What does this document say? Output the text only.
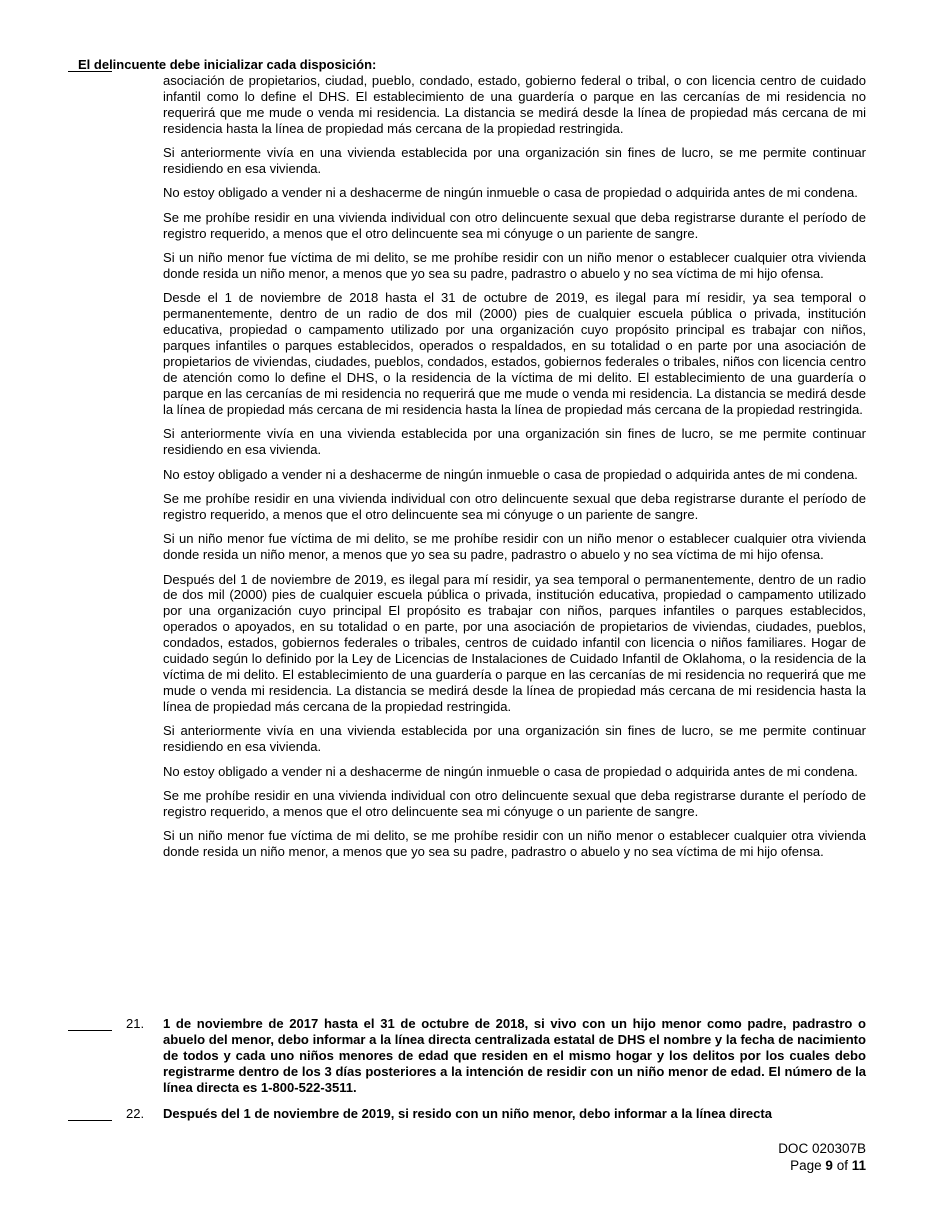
El delincuente debe inicializar cada disposición:

asociación de propietarios, ciudad, pueblo, condado, estado, gobierno federal o tribal, o con licencia centro de cuidado infantil como lo define el DHS. El establecimiento de una guardería o parque en las cercanías de mi residencia no requerirá que me mude o venda mi residencia. La distancia se medirá desde la línea de propiedad más cercana de mi residencia hasta la línea de propiedad más cercana de la propiedad restringida.

Si anteriormente vivía en una vivienda establecida por una organización sin fines de lucro, se me permite continuar residiendo en esa vivienda.

No estoy obligado a vender ni a deshacerme de ningún inmueble o casa de propiedad o adquirida antes de mi condena.

Se me prohíbe residir en una vivienda individual con otro delincuente sexual que deba registrarse durante el período de registro requerido, a menos que el otro delincuente sea mi cónyuge o un pariente de sangre.

Si un niño menor fue víctima de mi delito, se me prohíbe residir con un niño menor o establecer cualquier otra vivienda donde resida un niño menor, a menos que yo sea su padre, padrastro o abuelo y no sea víctima de mi hijo ofensa.

Desde el 1 de noviembre de 2018 hasta el 31 de octubre de 2019, es ilegal para mí residir, ya sea temporal o permanentemente, dentro de un radio de dos mil (2000) pies de cualquier escuela pública o privada, institución educativa, propiedad o campamento utilizado por una organización cuyo propósito principal es trabajar con niños, parques infantiles o parques establecidos, operados o respaldados, en su totalidad o en parte por una asociación de propietarios de viviendas, ciudades, pueblos, condados, estados, gobiernos federales o tribales, niños con licencia centro de atención como lo define el DHS, o la residencia de la víctima de mi delito. El establecimiento de una guardería o parque en las cercanías de mi residencia no requerirá que me mude o venda mi residencia. La distancia se medirá desde la línea de propiedad más cercana de mi residencia hasta la línea de propiedad más cercana de la propiedad restringida.

Si anteriormente vivía en una vivienda establecida por una organización sin fines de lucro, se me permite continuar residiendo en esa vivienda.

No estoy obligado a vender ni a deshacerme de ningún inmueble o casa de propiedad o adquirida antes de mi condena.

Se me prohíbe residir en una vivienda individual con otro delincuente sexual que deba registrarse durante el período de registro requerido, a menos que el otro delincuente sea mi cónyuge o un pariente de sangre.

Si un niño menor fue víctima de mi delito, se me prohíbe residir con un niño menor o establecer cualquier otra vivienda donde resida un niño menor, a menos que yo sea su padre, padrastro o abuelo y no sea víctima de mi hijo ofensa.

Después del 1 de noviembre de 2019, es ilegal para mí residir, ya sea temporal o permanentemente, dentro de un radio de dos mil (2000) pies de cualquier escuela pública o privada, institución educativa, propiedad o campamento utilizado por una organización cuyo principal El propósito es trabajar con niños, parques infantiles o parques establecidos, operados o apoyados, en su totalidad o en parte, por una asociación de propietarios de viviendas, ciudades, pueblos, condados, estados, gobiernos federales o tribales, centros de cuidado infantil con licencia o niños familiares. Hogar de cuidado según lo definido por la Ley de Licencias de Instalaciones de Cuidado Infantil de Oklahoma, o la residencia de la víctima de mi delito. El establecimiento de una guardería o parque en las cercanías de mi residencia no requerirá que me mude o venda mi residencia. La distancia se medirá desde la línea de propiedad más cercana de mi residencia hasta la línea de propiedad más cercana de la propiedad restringida.

Si anteriormente vivía en una vivienda establecida por una organización sin fines de lucro, se me permite continuar residiendo en esa vivienda.

No estoy obligado a vender ni a deshacerme de ningún inmueble o casa de propiedad o adquirida antes de mi condena.

Se me prohíbe residir en una vivienda individual con otro delincuente sexual que deba registrarse durante el período de registro requerido, a menos que el otro delincuente sea mi cónyuge o un pariente de sangre.

Si un niño menor fue víctima de mi delito, se me prohíbe residir con un niño menor o establecer cualquier otra vivienda donde resida un niño menor, a menos que yo sea su padre, padrastro o abuelo y no sea víctima de mi hijo ofensa.

21. 1 de noviembre de 2017 hasta el 31 de octubre de 2018, si vivo con un hijo menor como padre, padrastro o abuelo del menor, debo informar a la línea directa centralizada estatal de DHS el nombre y la fecha de nacimiento de todos y cada uno niños menores de edad que residen en el mismo hogar y los delitos por los cuales debo registrarme dentro de los 3 días posteriores a la intención de residir con un niño menor de edad. El número de la línea directa es 1-800-522-3511.
22. Después del 1 de noviembre de 2019, si resido con un niño menor, debo informar a la línea directa
DOC 020307B
Page 9 of 11
